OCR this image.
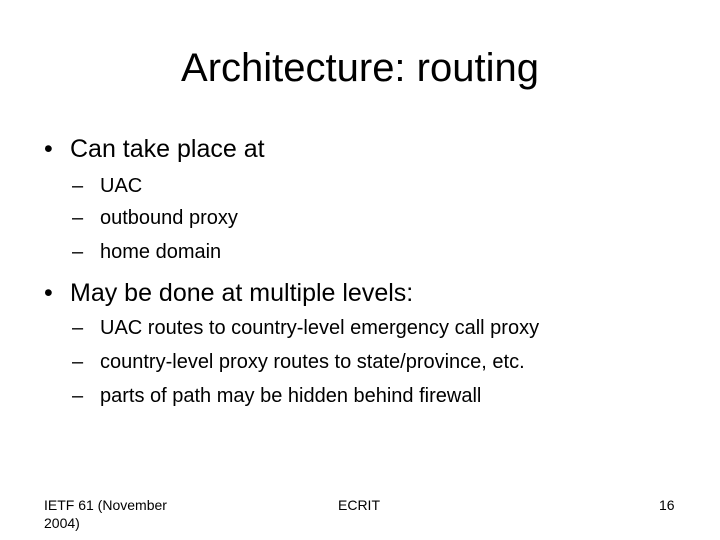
Architecture: routing
• Can take place at
– UAC
– outbound proxy
– home domain
• May be done at multiple levels:
– UAC routes to country-level emergency call proxy
– country-level proxy routes to state/province, etc.
– parts of path may be hidden behind firewall
IETF 61 (November
2004)
ECRIT	16
